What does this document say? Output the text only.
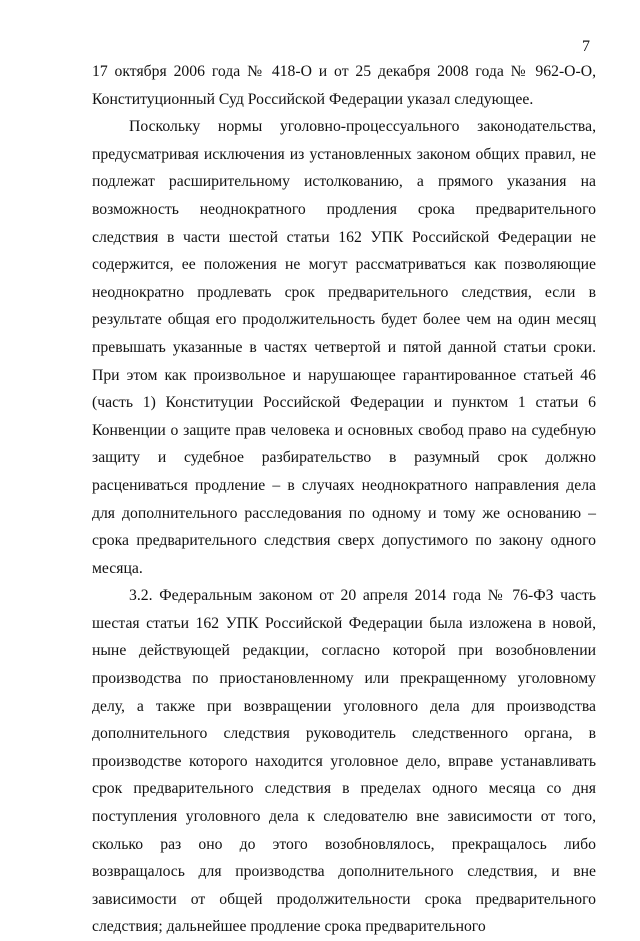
7

17 октября 2006 года № 418-О и от 25 декабря 2008 года № 962-О-О, Конституционный Суд Российской Федерации указал следующее.

Поскольку нормы уголовно-процессуального законодательства, предусматривая исключения из установленных законом общих правил, не подлежат расширительному истолкованию, а прямого указания на возможность неоднократного продления срока предварительного следствия в части шестой статьи 162 УПК Российской Федерации не содержится, ее положения не могут рассматриваться как позволяющие неоднократно продлевать срок предварительного следствия, если в результате общая его продолжительность будет более чем на один месяц превышать указанные в частях четвертой и пятой данной статьи сроки. При этом как произвольное и нарушающее гарантированное статьей 46 (часть 1) Конституции Российской Федерации и пунктом 1 статьи 6 Конвенции о защите прав человека и основных свобод право на судебную защиту и судебное разбирательство в разумный срок должно расцениваться продление – в случаях неоднократного направления дела для дополнительного расследования по одному и тому же основанию – срока предварительного следствия сверх допустимого по закону одного месяца.

3.2. Федеральным законом от 20 апреля 2014 года № 76-ФЗ часть шестая статьи 162 УПК Российской Федерации была изложена в новой, ныне действующей редакции, согласно которой при возобновлении производства по приостановленному или прекращенному уголовному делу, а также при возвращении уголовного дела для производства дополнительного следствия руководитель следственного органа, в производстве которого находится уголовное дело, вправе устанавливать срок предварительного следствия в пределах одного месяца со дня поступления уголовного дела к следователю вне зависимости от того, сколько раз оно до этого возобновлялось, прекращалось либо возвращалось для производства дополнительного следствия, и вне зависимости от общей продолжительности срока предварительного следствия; дальнейшее продление срока предварительного
